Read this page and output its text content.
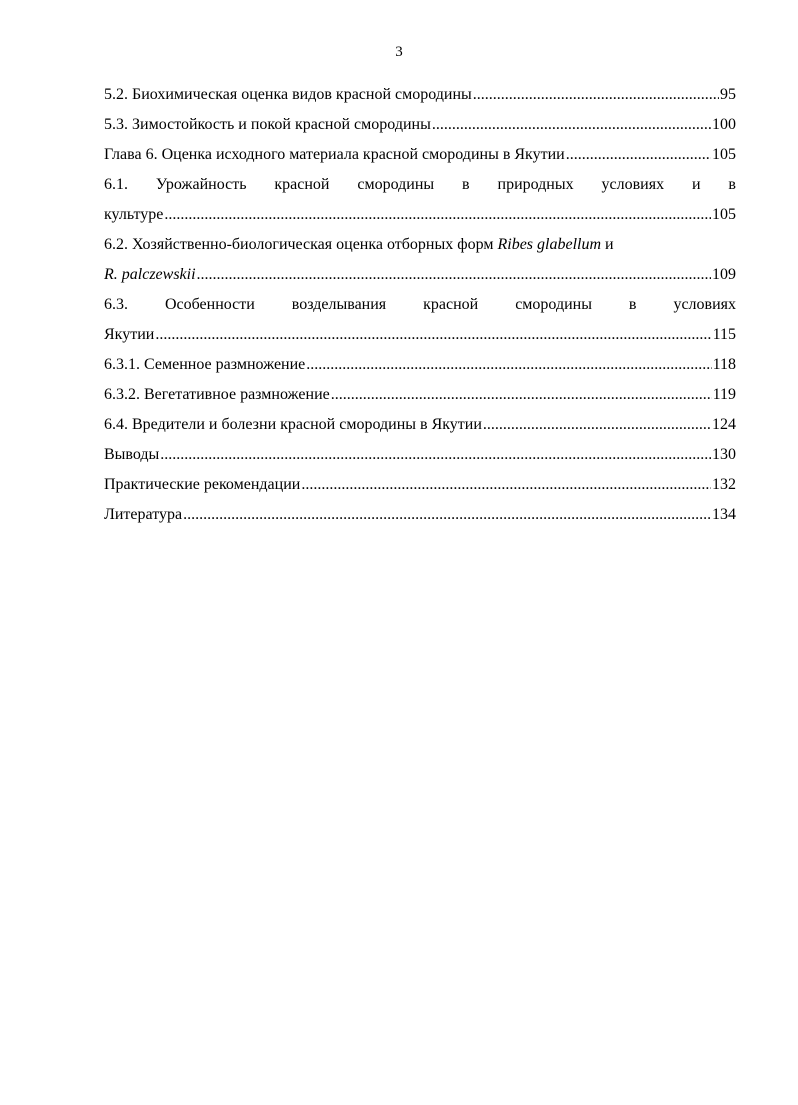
3
5.2. Биохимическая оценка видов красной смородины . . .	95
5.3. Зимостойкость и покой красной смородины . . .	100
Глава 6. Оценка исходного материала красной смородины в Якутии . . .	105
6.1. Урожайность красной смородины в природных условиях и в
культуре . . .	105
6.2. Хозяйственно-биологическая оценка отборных форм Ribes glabellum и
R. palczewskii . . .	109
6.3. Особенности возделывания красной смородины в условиях
Якутии . . .	115
6.3.1. Семенное размножение . . .	118
6.3.2. Вегетативное размножение . . .	119
6.4. Вредители и болезни красной смородины в Якутии . . .	124
Выводы . . .	130
Практические рекомендации . . .	132
Литература . . .	134
